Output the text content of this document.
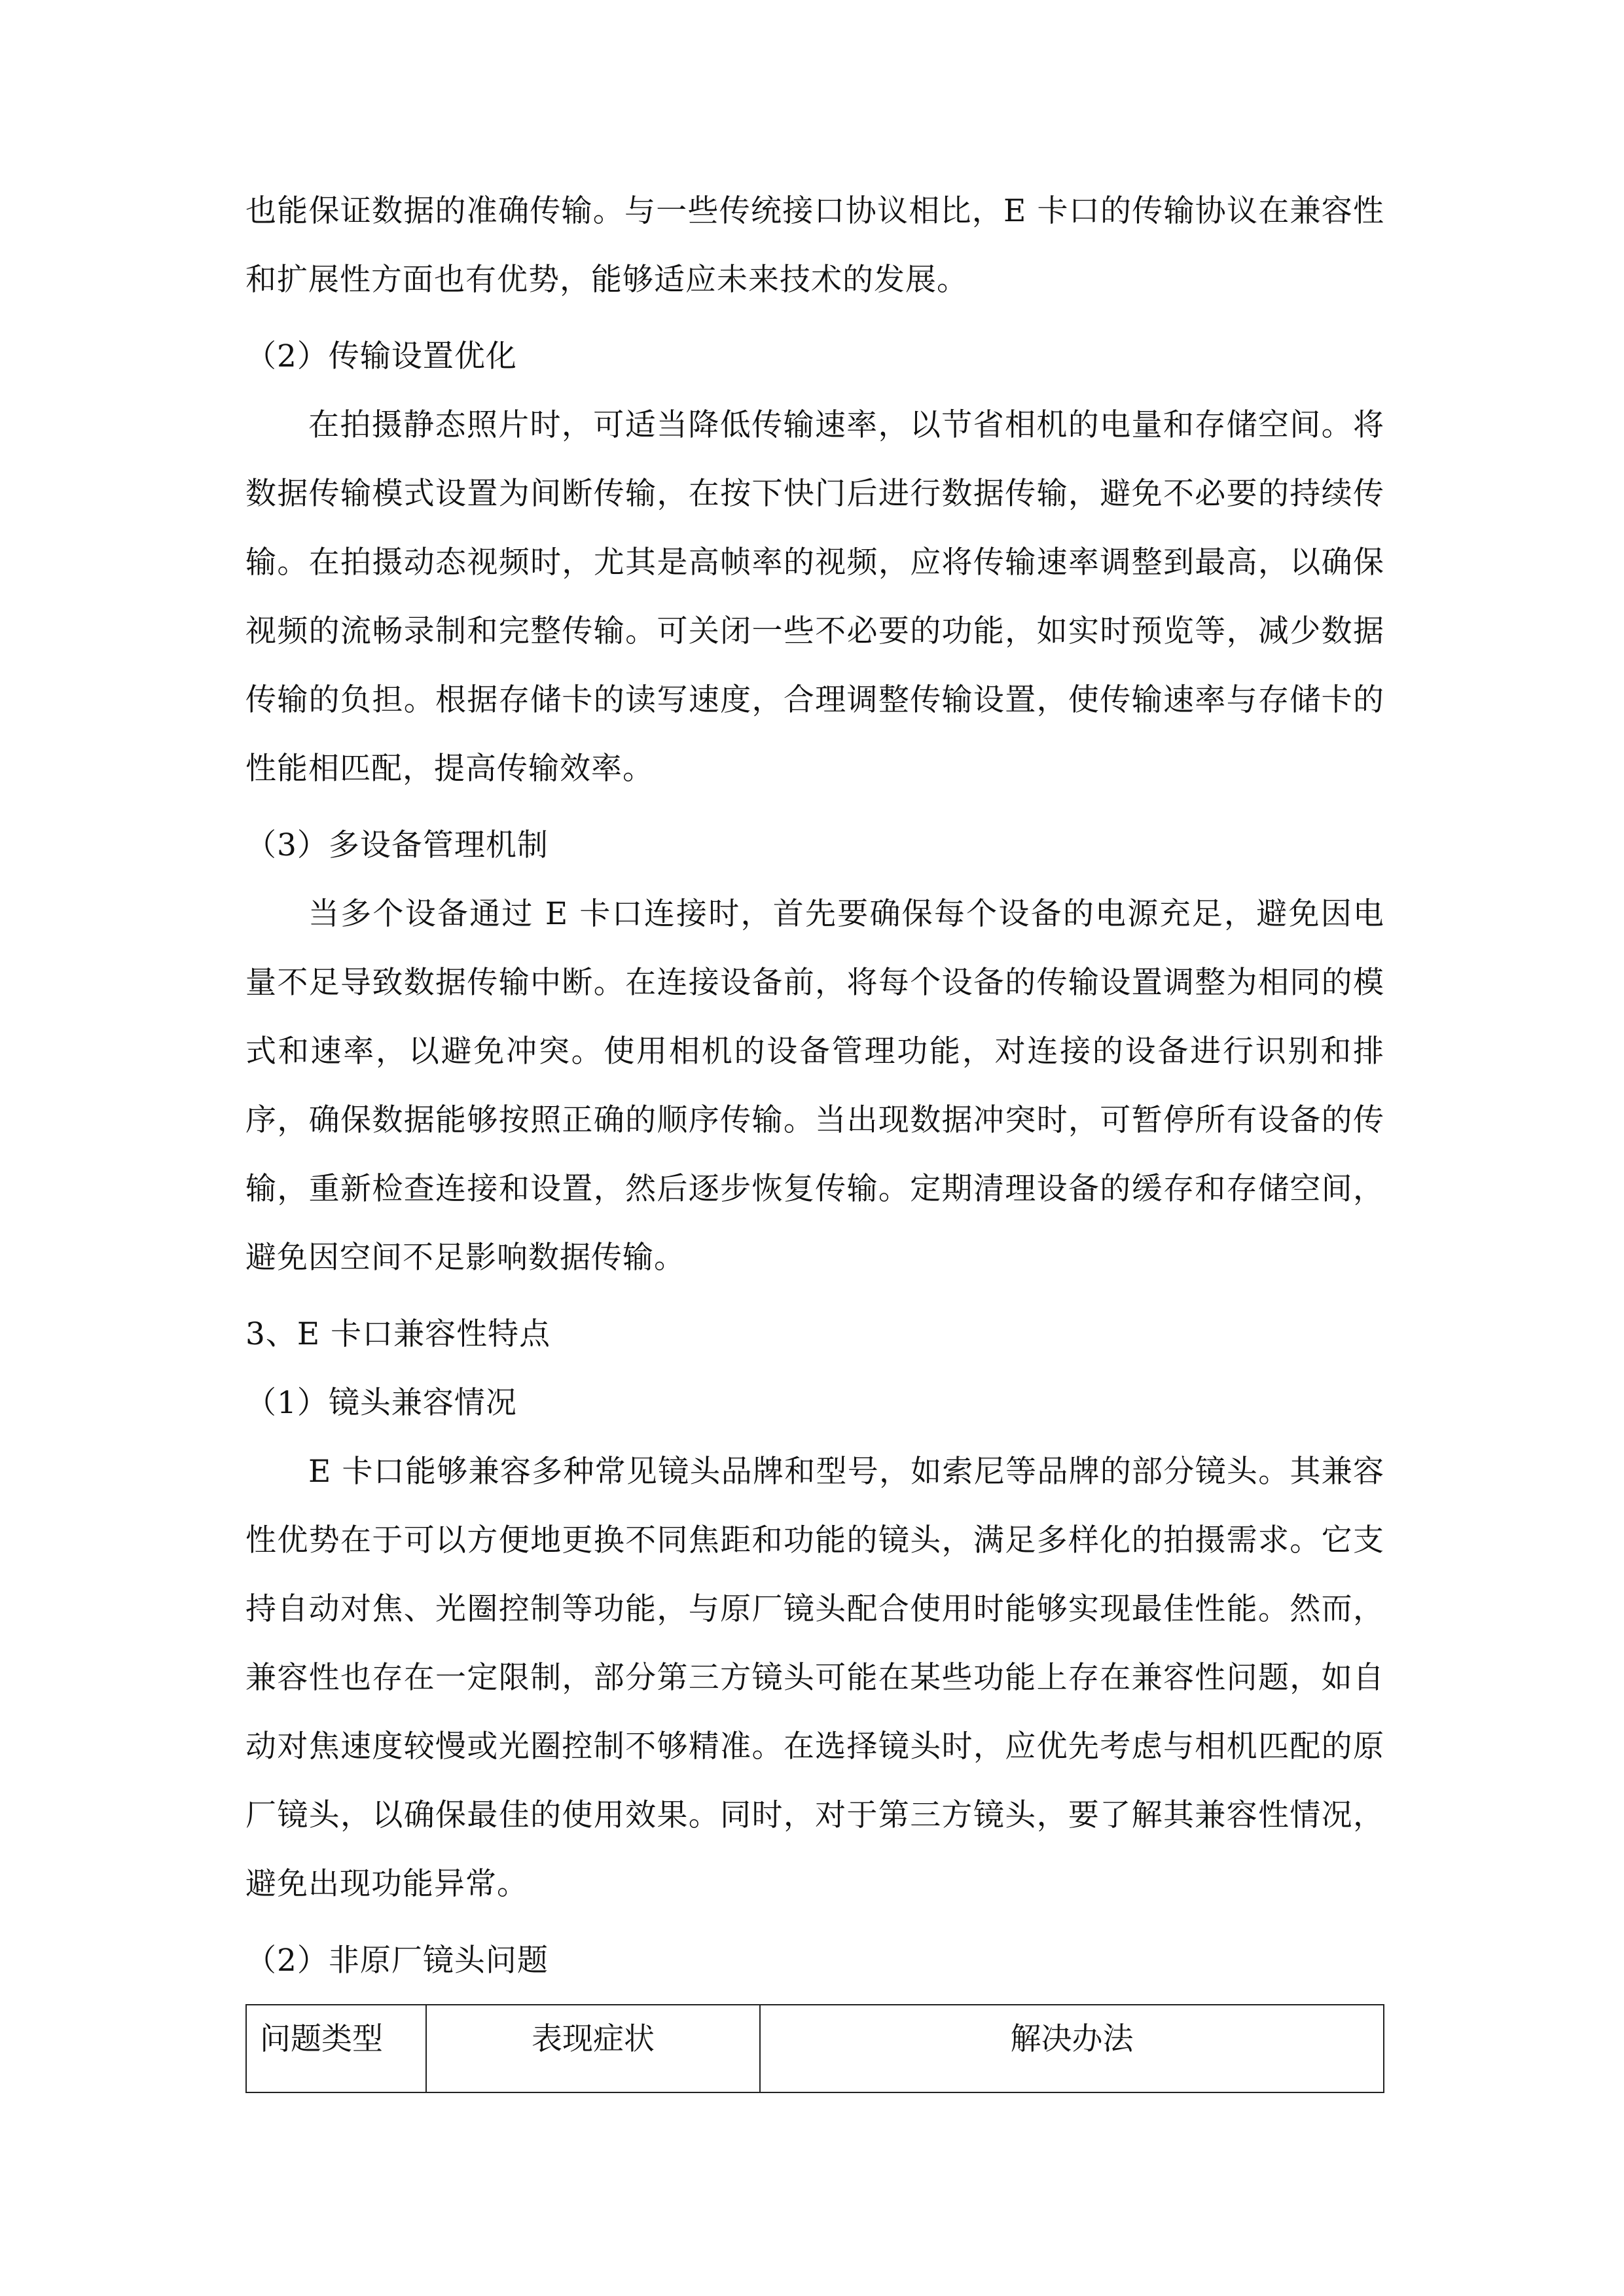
也能保证数据的准确传输。与一些传统接口协议相比，E 卡口的传输协议在兼容性和扩展性方面也有优势，能够适应未来技术的发展。

（2）传输设置优化

在拍摄静态照片时，可适当降低传输速率，以节省相机的电量和存储空间。将数据传输模式设置为间断传输，在按下快门后进行数据传输，避免不必要的持续传输。在拍摄动态视频时，尤其是高帧率的视频，应将传输速率调整到最高，以确保视频的流畅录制和完整传输。可关闭一些不必要的功能，如实时预览等，减少数据传输的负担。根据存储卡的读写速度，合理调整传输设置，使传输速率与存储卡的性能相匹配，提高传输效率。

（3）多设备管理机制

当多个设备通过 E 卡口连接时，首先要确保每个设备的电源充足，避免因电量不足导致数据传输中断。在连接设备前，将每个设备的传输设置调整为相同的模式和速率，以避免冲突。使用相机的设备管理功能，对连接的设备进行识别和排序，确保数据能够按照正确的顺序传输。当出现数据冲突时，可暂停所有设备的传输，重新检查连接和设置，然后逐步恢复传输。定期清理设备的缓存和存储空间，避免因空间不足影响数据传输。

3、E 卡口兼容性特点

（1）镜头兼容情况

E 卡口能够兼容多种常见镜头品牌和型号，如索尼等品牌的部分镜头。其兼容性优势在于可以方便地更换不同焦距和功能的镜头，满足多样化的拍摄需求。它支持自动对焦、光圈控制等功能，与原厂镜头配合使用时能够实现最佳性能。然而，兼容性也存在一定限制，部分第三方镜头可能在某些功能上存在兼容性问题，如自动对焦速度较慢或光圈控制不够精准。在选择镜头时，应优先考虑与相机匹配的原厂镜头，以确保最佳的使用效果。同时，对于第三方镜头，要了解其兼容性情况，避免出现功能异常。

（2）非原厂镜头问题

问题类型	表现症状	解决办法
